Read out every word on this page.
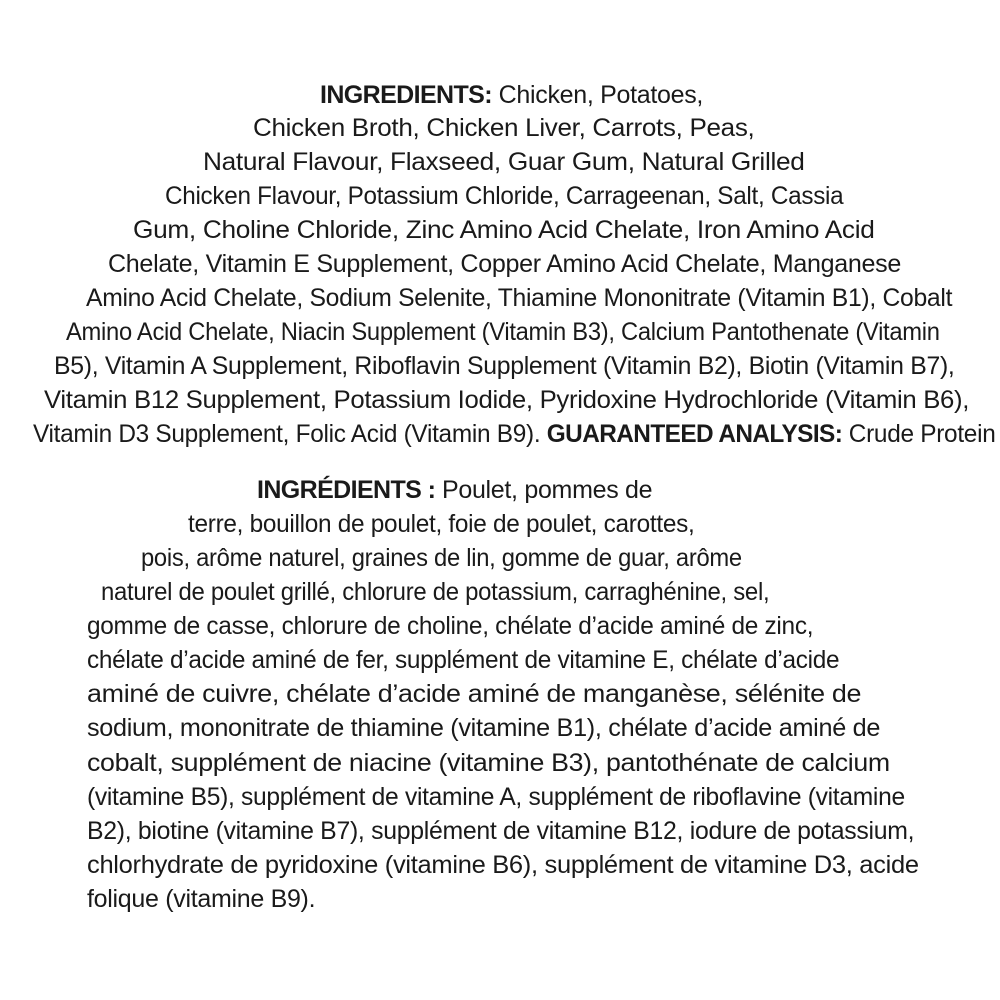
INGREDIENTS: Chicken, Potatoes,
Chicken Broth, Chicken Liver, Carrots, Peas,
Natural Flavour, Flaxseed, Guar Gum, Natural Grilled
Chicken Flavour, Potassium Chloride, Carrageenan, Salt, Cassia
Gum, Choline Chloride, Zinc Amino Acid Chelate, Iron Amino Acid
Chelate, Vitamin E Supplement, Copper Amino Acid Chelate, Manganese
Amino Acid Chelate, Sodium Selenite, Thiamine Mononitrate (Vitamin B1), Cobalt
Amino Acid Chelate, Niacin Supplement (Vitamin B3), Calcium Pantothenate (Vitamin
B5), Vitamin A Supplement, Riboflavin Supplement (Vitamin B2), Biotin (Vitamin B7),
Vitamin B12 Supplement, Potassium Iodide, Pyridoxine Hydrochloride (Vitamin B6),
Vitamin D3 Supplement, Folic Acid (Vitamin B9). GUARANTEED ANALYSIS: Crude Protein
INGRÉDIENTS : Poulet, pommes de
terre, bouillon de poulet, foie de poulet, carottes,
pois, arôme naturel, graines de lin, gomme de guar, arôme
naturel de poulet grillé, chlorure de potassium, carraghénine, sel,
gomme de casse, chlorure de choline, chélate d’acide aminé de zinc,
chélate d’acide aminé de fer, supplément de vitamine E, chélate d’acide
aminé de cuivre, chélate d’acide aminé de manganèse, sélénite de
sodium, mononitrate de thiamine (vitamine B1), chélate d’acide aminé de
cobalt, supplément de niacine (vitamine B3), pantothénate de calcium
(vitamine B5), supplément de vitamine A, supplément de riboflavine (vitamine
B2), biotine (vitamine B7), supplément de vitamine B12, iodure de potassium,
chlorhydrate de pyridoxine (vitamine B6), supplément de vitamine D3, acide
folique (vitamine B9).
